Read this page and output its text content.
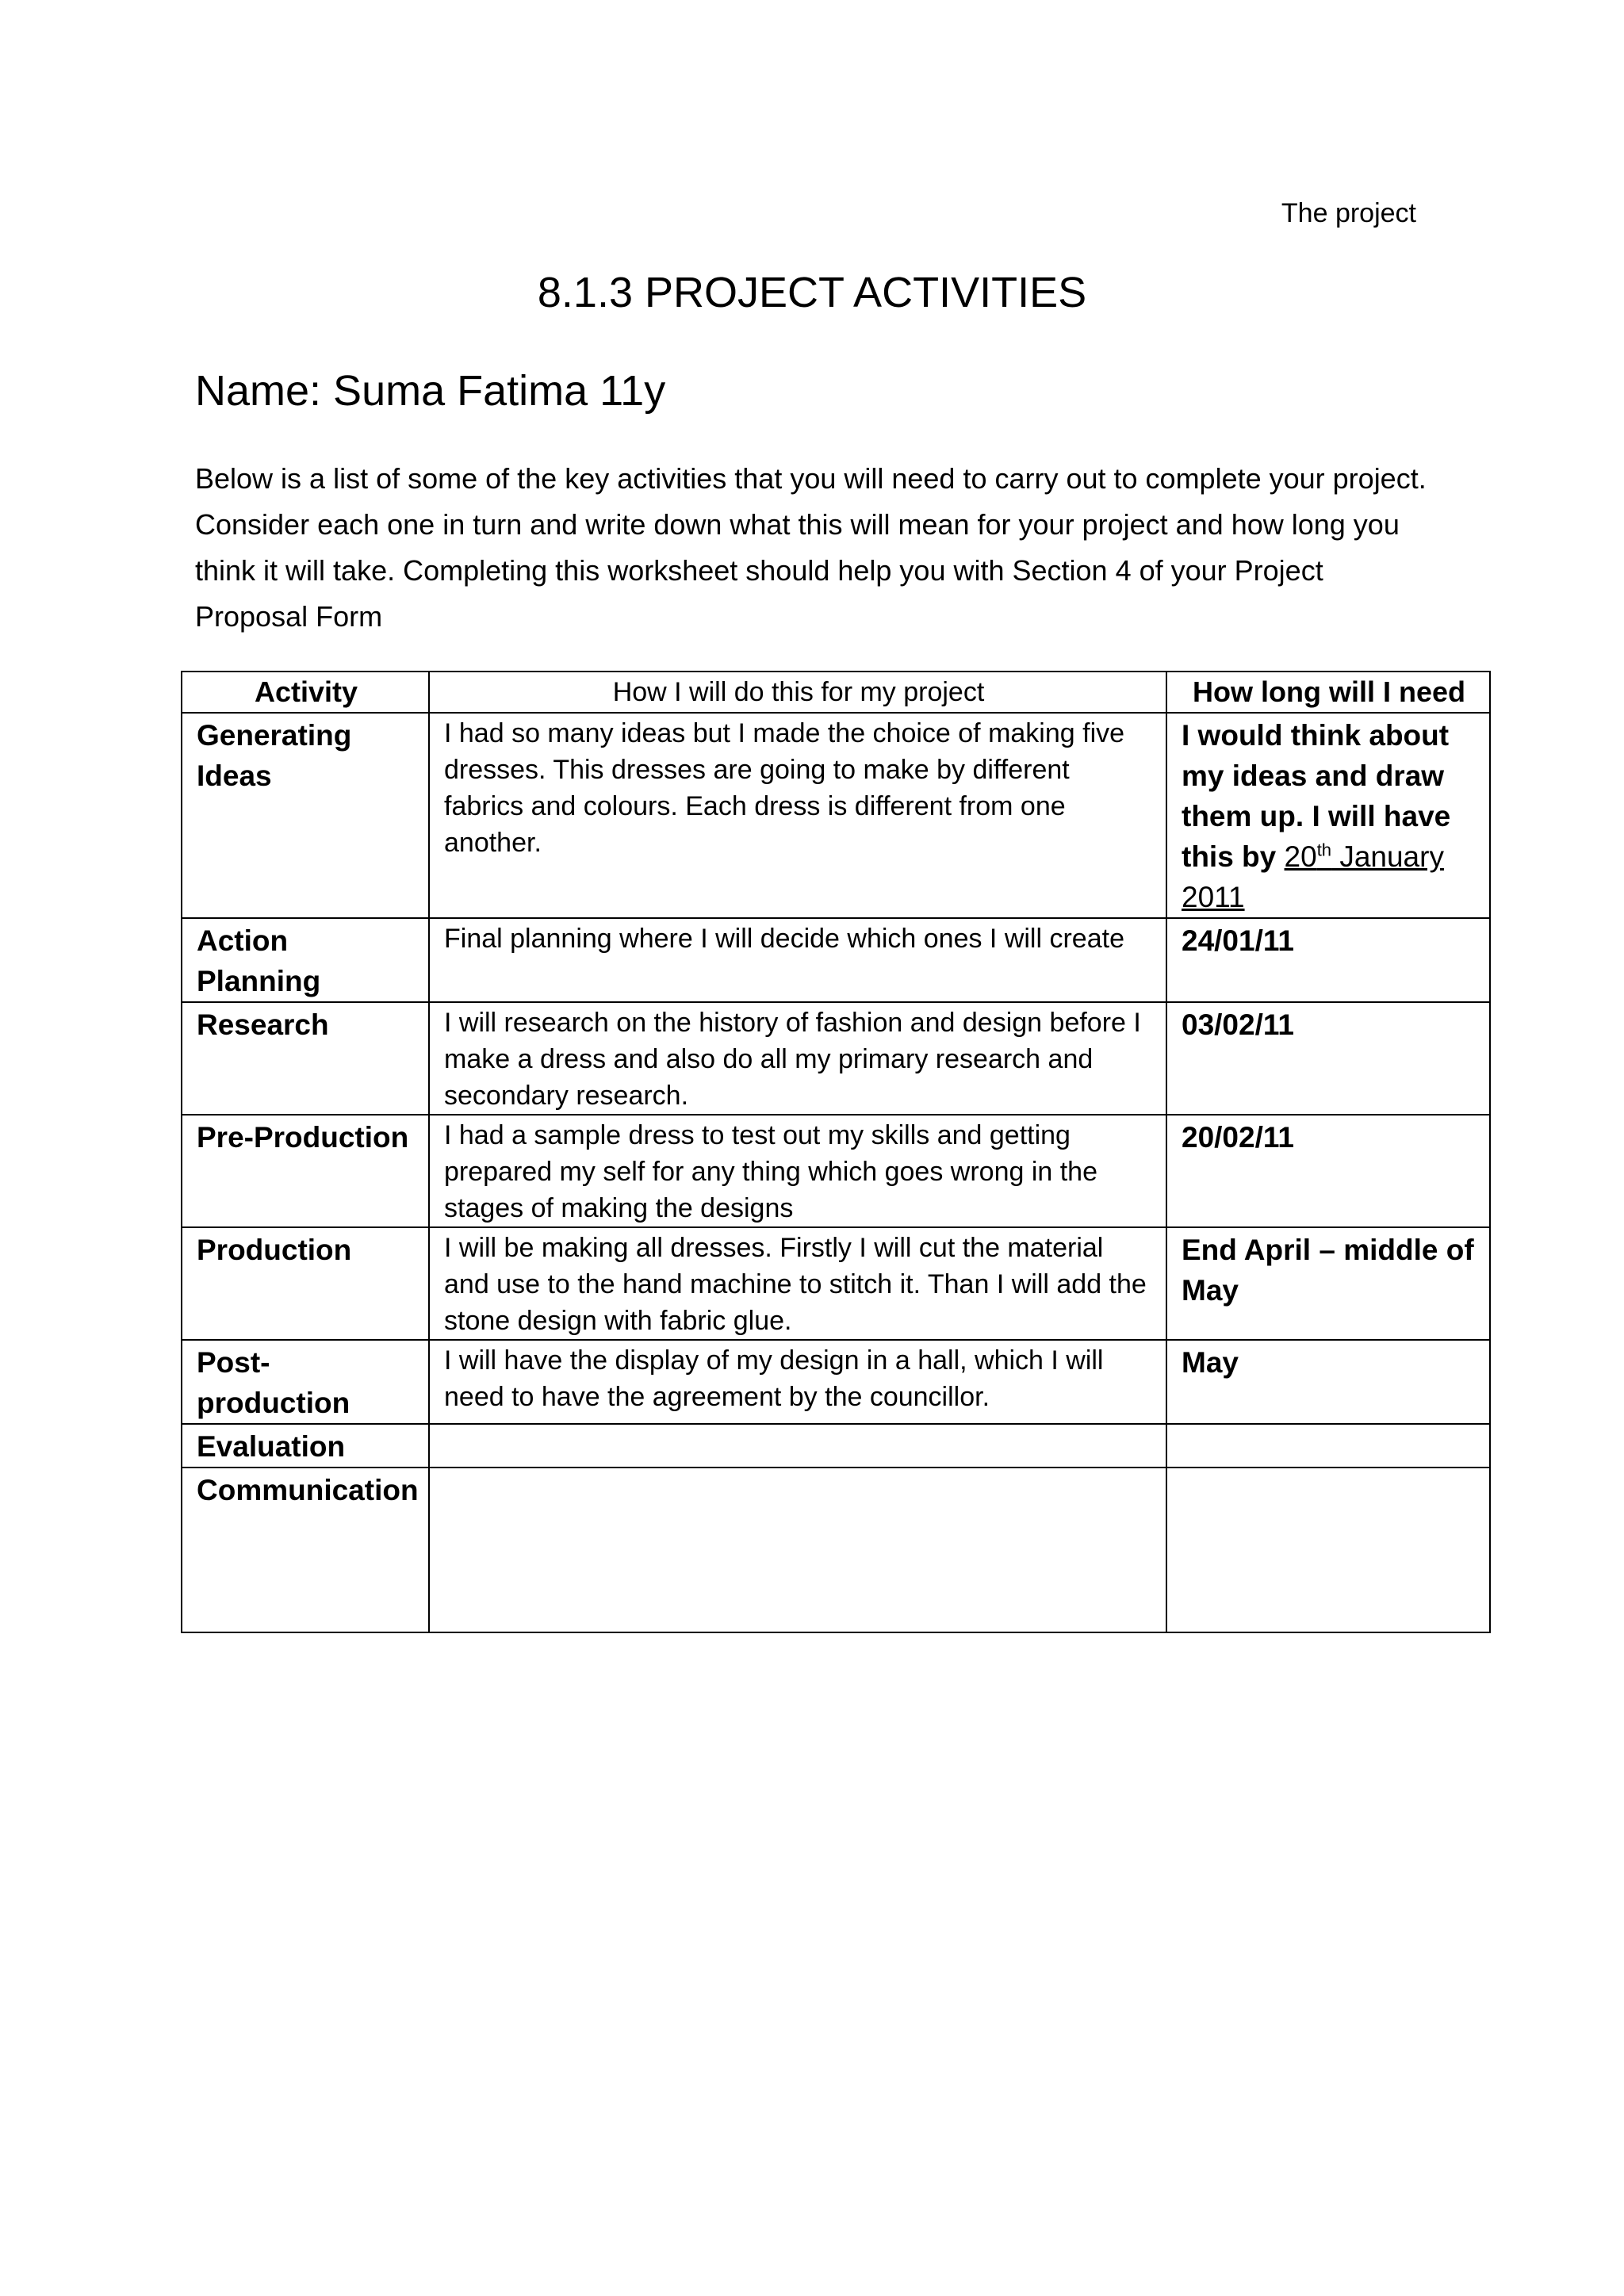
The project
8.1.3 PROJECT ACTIVITIES
Name: Suma Fatima 11y
Below is a list of some of the key activities that you will need to carry out to complete your project. Consider each one in turn and write down what this will mean for your project and how long you think it will take. Completing this worksheet should help you with Section 4 of your Project Proposal Form
Activity	How I will do this for my project	How long will I need
Generating Ideas	I had so many ideas but I made the choice of making five dresses. This dresses are going to make by different fabrics and colours. Each dress is different from one another.	I would think about my ideas and draw them up. I will have this by 20th January 2011
Action Planning	Final planning where I will decide which ones I will create	24/01/11
Research	I will research on the history of fashion and design before I make a dress and also do all my primary research and secondary research.	03/02/11
Pre-Production	I had a sample dress to test out my skills and getting prepared my self for any thing which goes wrong in the stages of making the designs	20/02/11
Production	I will be making all dresses. Firstly I will cut the material and use to the hand machine to stitch it. Than I will add the stone design with fabric glue.	End April – middle of May
Post-production	I will have the display of my design in a hall, which I will need to have the agreement by the councillor.	May
Evaluation		
Communication		
